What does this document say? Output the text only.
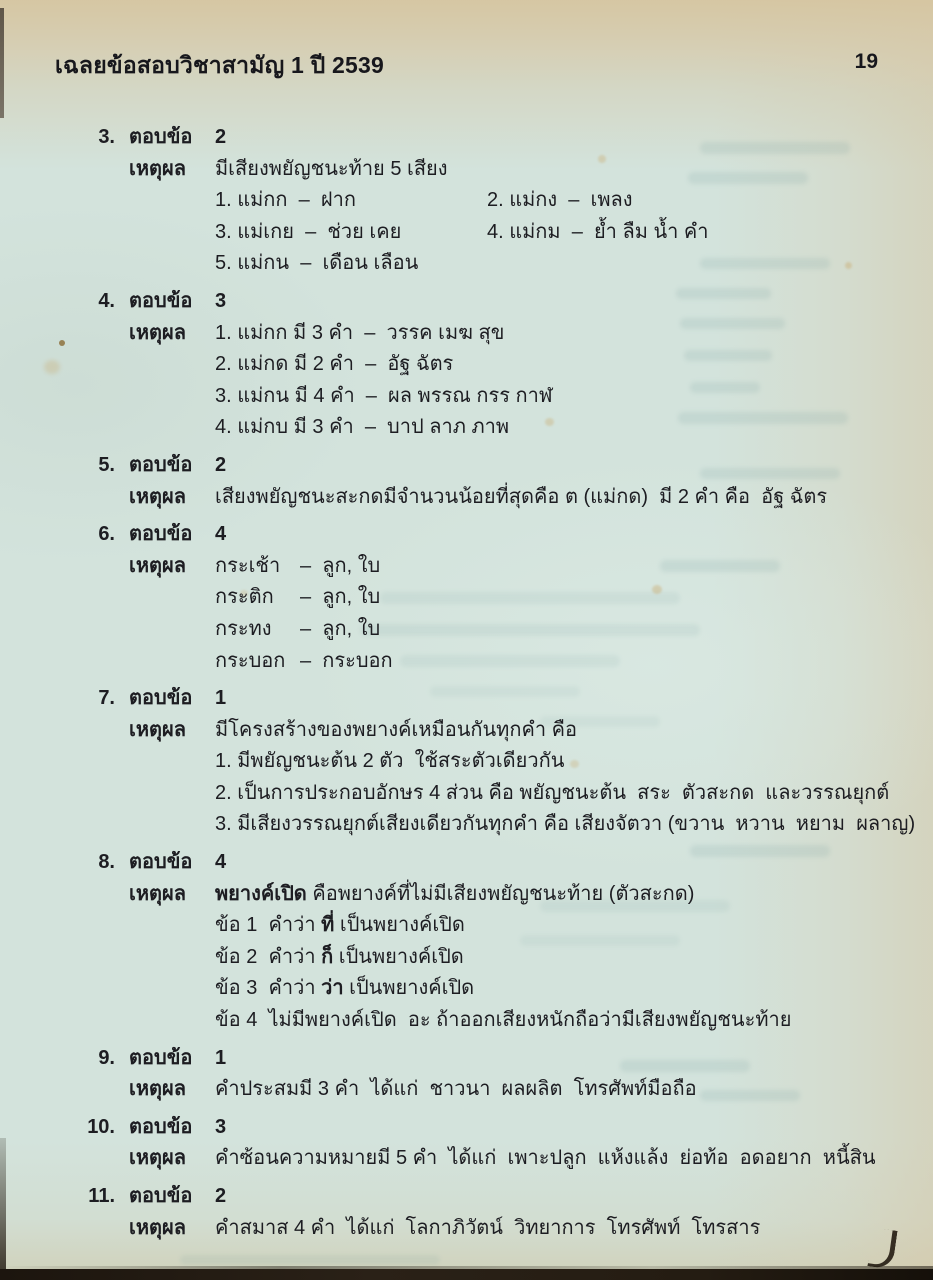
เฉลยข้อสอบวิชาสามัญ 1 ปี 2539	19
3. ตอบข้อ	2
เหตุผล	มีเสียงพยัญชนะท้าย 5 เสียง
1. แม่กก  –  ฝาก	2. แม่กง  –  เพลง
3. แม่เกย  –  ช่วย เคย	4. แม่กม  –  ย้ำ ลืม น้ำ คำ
5. แม่กน  –  เดือน เลือน
4. ตอบข้อ	3
เหตุผล	1. แม่กก มี 3 คำ  –  วรรค เมฆ สุข
2. แม่กด มี 2 คำ  –  อัฐ ฉัตร
3. แม่กน มี 4 คำ  –  ผล พรรณ กรร กาฬ
4. แม่กบ มี 3 คำ  –  บาป ลาภ ภาพ
5. ตอบข้อ	2
เหตุผล	เสียงพยัญชนะสะกดมีจำนวนน้อยที่สุดคือ ต (แม่กด)  มี 2 คำ คือ  อัฐ ฉัตร
6. ตอบข้อ	4
เหตุผล	กระเช้า –  ลูก, ใบ
กระติก –  ลูก, ใบ
กระทง –  ลูก, ใบ
กระบอก –  กระบอก
7. ตอบข้อ	1
เหตุผล	มีโครงสร้างของพยางค์เหมือนกันทุกคำ คือ
1. มีพยัญชนะต้น 2 ตัว  ใช้สระตัวเดียวกัน
2. เป็นการประกอบอักษร 4 ส่วน คือ พยัญชนะต้น  สระ  ตัวสะกด  และวรรณยุกต์
3. มีเสียงวรรณยุกต์เสียงเดียวกันทุกคำ คือ เสียงจัตวา (ขวาน  หวาน  หยาม  ผลาญ)
8. ตอบข้อ	4
เหตุผล	พยางค์เปิด คือพยางค์ที่ไม่มีเสียงพยัญชนะท้าย (ตัวสะกด)
ข้อ 1  คำว่า ที่ เป็นพยางค์เปิด
ข้อ 2  คำว่า ก็ เป็นพยางค์เปิด
ข้อ 3  คำว่า ว่า เป็นพยางค์เปิด
ข้อ 4  ไม่มีพยางค์เปิด  อะ ถ้าออกเสียงหนักถือว่ามีเสียงพยัญชนะท้าย
9. ตอบข้อ	1
เหตุผล	คำประสมมี 3 คำ  ได้แก่  ชาวนา  ผลผลิต  โทรศัพท์มือถือ
10. ตอบข้อ	3
เหตุผล	คำซ้อนความหมายมี 5 คำ  ได้แก่  เพาะปลูก  แห้งแล้ง  ย่อท้อ  อดอยาก  หนี้สิน
11. ตอบข้อ	2
เหตุผล	คำสมาส 4 คำ  ได้แก่  โลกาภิวัตน์  วิทยาการ  โทรศัพท์  โทรสาร
